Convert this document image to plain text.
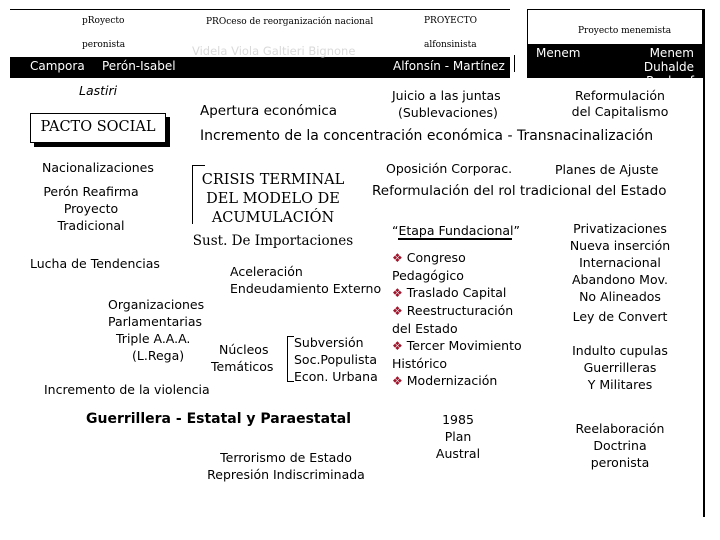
pRoyecto
peronista
Campora Perón-Isabel
PROceso de reorganización nacional
Videla Viola Galtieri Bignone
PROYECTO
alfonsinista
Alfonsín - Martínez
Proyecto menemista
Menem	Menem Duhalde Ruckauf
Lastiri
PACTO SOCIAL
Apertura económica
Juicio a las juntas
(Sublevaciones)
Reformulación
del Capitalismo
Incremento de la concentración económica - Transnacinalización
Nacionalizaciones
Perón Reafirma
Proyecto
Tradicional
CRISIS TERMINAL
DEL MODELO DE
ACUMULACIÓN
Sust. De Importaciones
Oposición Corporac.	Planes de Ajuste
Reformulación del rol tradicional del Estado
“Etapa Fundacional”	Privatizaciones
Nueva inserción
Internacional
Abandono Mov.
No Alineados
Lucha de Tendencias
Aceleración
Endeudamiento Externo
❖ Congreso
Pedagógico
❖ Traslado Capital
❖ Reestructuración
del Estado
❖ Tercer Movimiento
Histórico
❖ Modernización
Ley de Convert
Organizaciones
Parlamentarias
Triple A.A.A.
(L.Rega)	Núcleos
Temáticos
Subversión
Soc.Populista
Econ. Urbana
Indulto cupulas
Guerrilleras
Y Militares
Incremento de la violencia
Guerrillera - Estatal y Paraestatal	1985
Plan
Austral
Reelaboración
Doctrina
peronista
Terrorismo de Estado
Represión Indiscriminada
